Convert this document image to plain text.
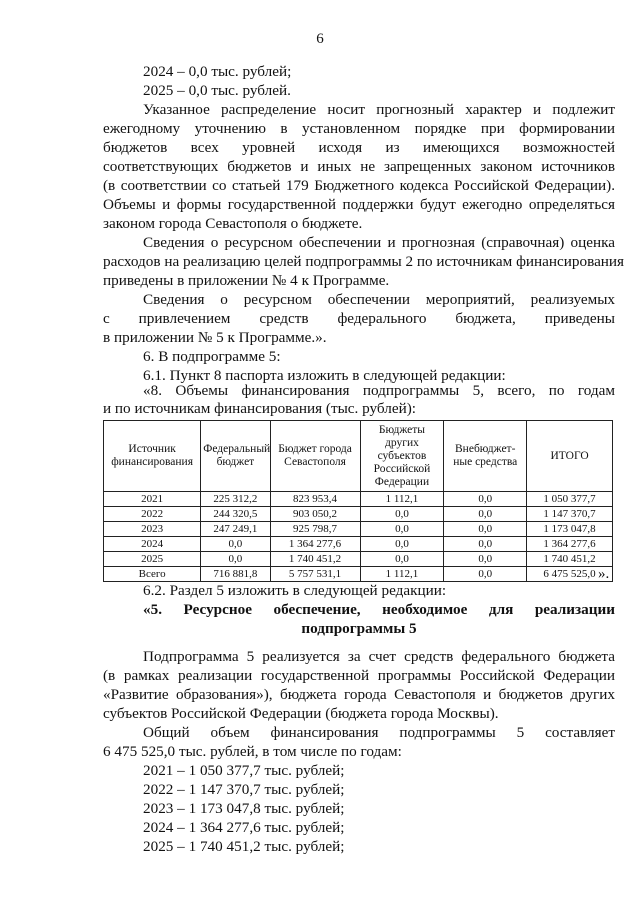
6
2024 – 0,0 тыс. рублей;
2025 – 0,0 тыс. рублей.
Указанное распределение носит прогнозный характер и подлежит
ежегодному уточнению в установленном порядке при формировании
бюджетов всех уровней исходя из имеющихся возможностей
соответствующих бюджетов и иных не запрещенных законом источников
(в соответствии со статьей 179 Бюджетного кодекса Российской Федерации).
Объемы и формы государственной поддержки будут ежегодно определяться
законом города Севастополя о бюджете.
Сведения о ресурсном обеспечении и прогнозная (справочная) оценка
расходов на реализацию целей подпрограммы 2 по источникам финансирования
приведены в приложении № 4 к Программе.
Сведения о ресурсном обеспечении мероприятий, реализуемых
с привлечением средств федерального бюджета, приведены
в приложении № 5 к Программе.».
6. В подпрограмме 5:
6.1. Пункт 8 паспорта изложить в следующей редакции:
Источник финансирования	Федеральный бюджет	Бюджет города Севастополя	Бюджеты других субъектов Российской Федерации	Внебюджет-ные средства	ИТОГО
2021	225 312,2	823 953,4	1 112,1	0,0	1 050 377,7
2022	244 320,5	903 050,2	0,0	0,0	1 147 370,7
2023	247 249,1	925 798,7	0,0	0,0	1 173 047,8
2024	0,0	1 364 277,6	0,0	0,0	1 364 277,6
2025	0,0	1 740 451,2	0,0	0,0	1 740 451,2
Всего	716 881,8	5 757 531,1	1 112,1	0,0	6 475 525,0
«8. Объемы финансирования подпрограммы 5, всего, по годам
и по источникам финансирования (тыс. рублей):
».
6.2. Раздел 5 изложить в следующей редакции:
«5. Ресурсное обеспечение, необходимое для реализации
подпрограммы 5
Подпрограмма 5 реализуется за счет средств федерального бюджета
(в рамках реализации государственной программы Российской Федерации
«Развитие образования»), бюджета города Севастополя и бюджетов других
субъектов Российской Федерации (бюджета города Москвы).
Общий объем финансирования подпрограммы 5 составляет
6 475 525,0 тыс. рублей, в том числе по годам:
2021 – 1 050 377,7 тыс. рублей;
2022 – 1 147 370,7 тыс. рублей;
2023 – 1 173 047,8 тыс. рублей;
2024 – 1 364 277,6 тыс. рублей;
2025 – 1 740 451,2 тыс. рублей;
